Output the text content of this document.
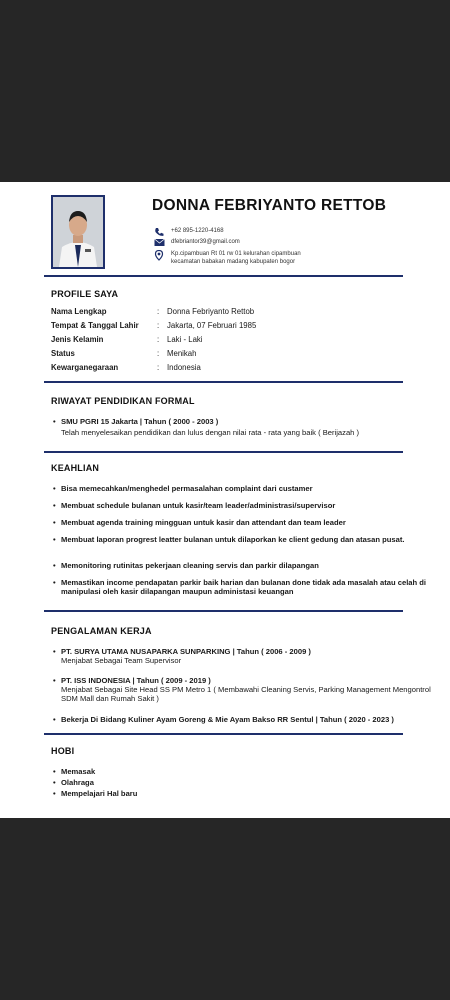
DONNA FEBRIYANTO RETTOB
+62 895-1220-4168
dfebriantor39@gmail.com
Kp.cipambuan Rt 01 rw 01 kelurahan cipambuan
kecamatan babakan madang kabupaten bogor
PROFILE SAYA
Nama Lengkap	: Donna Febriyanto Rettob
Tempat & Tanggal Lahir : Jakarta, 07 Februari 1985
Jenis Kelamin	: Laki - Laki
Status	: Menikah
Kewarganegaraan	: Indonesia
RIWAYAT PENDIDIKAN FORMAL
• SMU PGRI 15 Jakarta | Tahun ( 2000 - 2003 )
Telah menyelesaikan pendidikan dan lulus dengan nilai rata - rata yang baik ( Berijazah )
KEAHLIAN
• Bisa memecahkan/menghedel permasalahan complaint dari custamer
• Membuat schedule bulanan untuk kasir/team leader/administrasi/supervisor
• Membuat agenda training mingguan untuk kasir dan attendant dan team leader
• Membuat laporan progrest leatter bulanan untuk dilaporkan ke client gedung dan atasan pusat.
• Memonitoring rutinitas pekerjaan cleaning servis dan parkir dilapangan
• Memastikan income pendapatan parkir baik harian dan bulanan done tidak ada masalah atau celah di manipulasi oleh kasir dilapangan maupun administasi keuangan
PENGALAMAN KERJA
• PT. SURYA UTAMA NUSAPARKA SUNPARKING | Tahun ( 2006 - 2009 )
Menjabat Sebagai Team Supervisor
• PT. ISS INDONESIA | Tahun ( 2009 - 2019 )
Menjabat Sebagai Site Head SS PM Metro 1 ( Membawahi Cleaning Servis, Parking Management Mengontrol SDM Mall dan Rumah Sakit )
• Bekerja Di Bidang Kuliner Ayam Goreng & Mie Ayam Bakso RR Sentul | Tahun ( 2020 - 2023 )
HOBI
• Memasak
• Olahraga
• Mempelajari Hal baru
